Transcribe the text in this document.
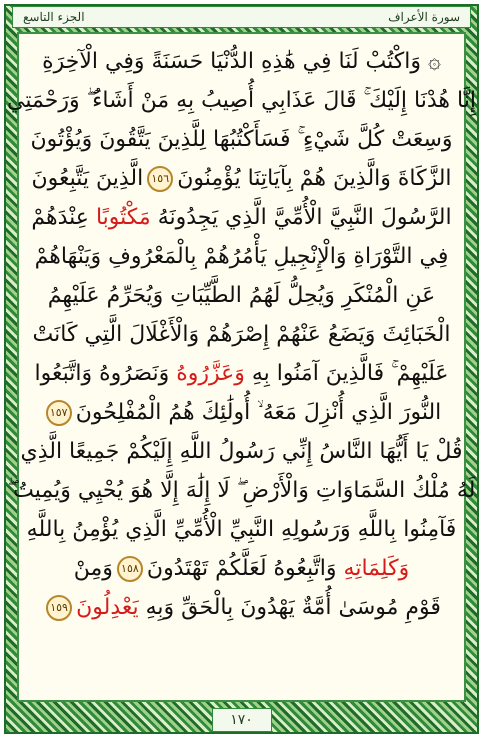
الجزء التاسع	سورة الأعراف
۞ وَاكْتُبْ لَنَا فِي هَٰذِهِ الدُّنْيَا حَسَنَةً وَفِي الْآخِرَةِ
إِنَّا هُدْنَا إِلَيْكَ ۚ قَالَ عَذَابِي أُصِيبُ بِهِ مَنْ أَشَاءُ ۖ وَرَحْمَتِي
وَسِعَتْ كُلَّ شَيْءٍ ۚ فَسَأَكْتُبُهَا لِلَّذِينَ يَتَّقُونَ وَيُؤْتُونَ
الزَّكَاةَ وَالَّذِينَ هُمْ بِآيَاتِنَا يُؤْمِنُونَ
١٥٦
الَّذِينَ يَتَّبِعُونَ
الرَّسُولَ النَّبِيَّ الْأُمِّيَّ الَّذِي يَجِدُونَهُ

مَكْتُوبًا

عِنْدَهُمْ
فِي التَّوْرَاةِ وَالْإِنْجِيلِ يَأْمُرُهُمْ بِالْمَعْرُوفِ وَيَنْهَاهُمْ
عَنِ الْمُنْكَرِ وَيُحِلُّ لَهُمُ الطَّيِّبَاتِ وَيُحَرِّمُ عَلَيْهِمُ
الْخَبَائِثَ وَيَضَعُ عَنْهُمْ إِصْرَهُمْ وَالْأَغْلَالَ الَّتِي كَانَتْ
عَلَيْهِمْ ۚ فَالَّذِينَ آمَنُوا بِهِ

وَعَزَّرُوهُ

وَنَصَرُوهُ وَاتَّبَعُوا
النُّورَ الَّذِي أُنْزِلَ مَعَهُ ۙ أُولَٰئِكَ هُمُ الْمُفْلِحُونَ
١٥٧
قُلْ يَا أَيُّهَا النَّاسُ إِنِّي رَسُولُ اللَّهِ إِلَيْكُمْ جَمِيعًا الَّذِي
لَهُ مُلْكُ السَّمَاوَاتِ وَالْأَرْضِ ۖ لَا إِلَٰهَ إِلَّا هُوَ يُحْيِي وَيُمِيتُ ۖ
فَآمِنُوا بِاللَّهِ وَرَسُولِهِ النَّبِيِّ الْأُمِّيِّ الَّذِي يُؤْمِنُ بِاللَّهِ
وَكَلِمَاتِهِ

وَاتَّبِعُوهُ لَعَلَّكُمْ تَهْتَدُونَ
١٥٨
وَمِنْ
قَوْمِ مُوسَىٰ أُمَّةٌ يَهْدُونَ بِالْحَقِّ وَبِهِ

يَعْدِلُونَ
١٥٩
١٧٠
